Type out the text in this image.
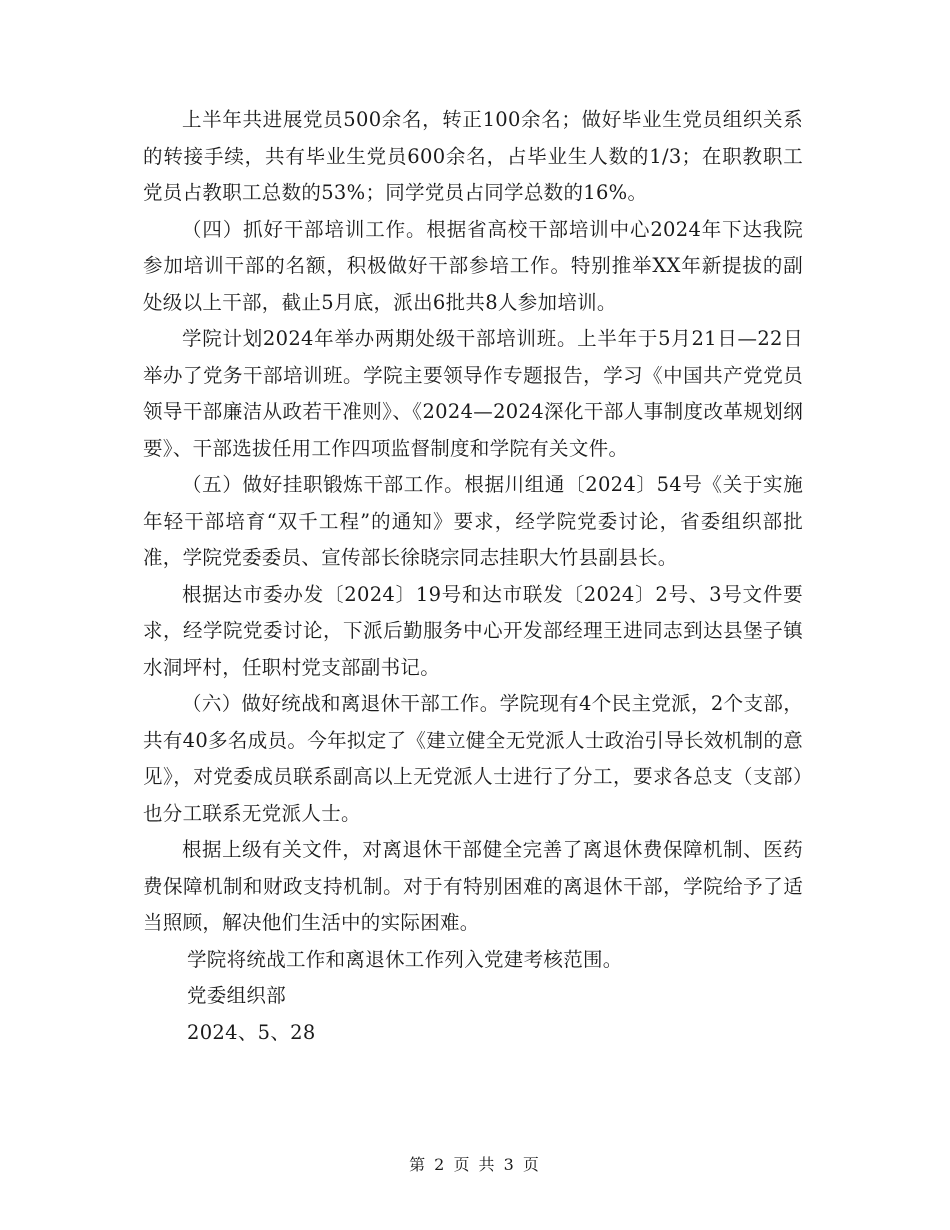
上半年共进展党员500余名，转正100余名；做好毕业生党员组织关系的转接手续，共有毕业生党员600余名，占毕业生人数的1/3；在职教职工党员占教职工总数的53%；同学党员占同学总数的16%。

（四）抓好干部培训工作。根据省高校干部培训中心2024年下达我院参加培训干部的名额，积极做好干部参培工作。特别推举XX年新提拔的副处级以上干部，截止5月底，派出6批共8人参加培训。

学院计划2024年举办两期处级干部培训班。上半年于5月21日—22日举办了党务干部培训班。学院主要领导作专题报告，学习《中国共产党党员领导干部廉洁从政若干准则》、《2024—2024深化干部人事制度改革规划纲要》、干部选拔任用工作四项监督制度和学院有关文件。

（五）做好挂职锻炼干部工作。根据川组通〔2024〕54号《关于实施年轻干部培育“双千工程”的通知》要求，经学院党委讨论，省委组织部批准，学院党委委员、宣传部长徐晓宗同志挂职大竹县副县长。

根据达市委办发〔2024〕19号和达市联发〔2024〕2号、3号文件要求，经学院党委讨论，下派后勤服务中心开发部经理王进同志到达县堡子镇水洞坪村，任职村党支部副书记。

（六）做好统战和离退休干部工作。学院现有4个民主党派，2个支部，共有40多名成员。今年拟定了《建立健全无党派人士政治引导长效机制的意见》，对党委成员联系副高以上无党派人士进行了分工，要求各总支（支部）也分工联系无党派人士。

根据上级有关文件，对离退休干部健全完善了离退休费保障机制、医药费保障机制和财政支持机制。对于有特别困难的离退休干部，学院给予了适当照顾，解决他们生活中的实际困难。

学院将统战工作和离退休工作列入党建考核范围。

党委组织部

2024、5、28

第 2 页 共 3 页
